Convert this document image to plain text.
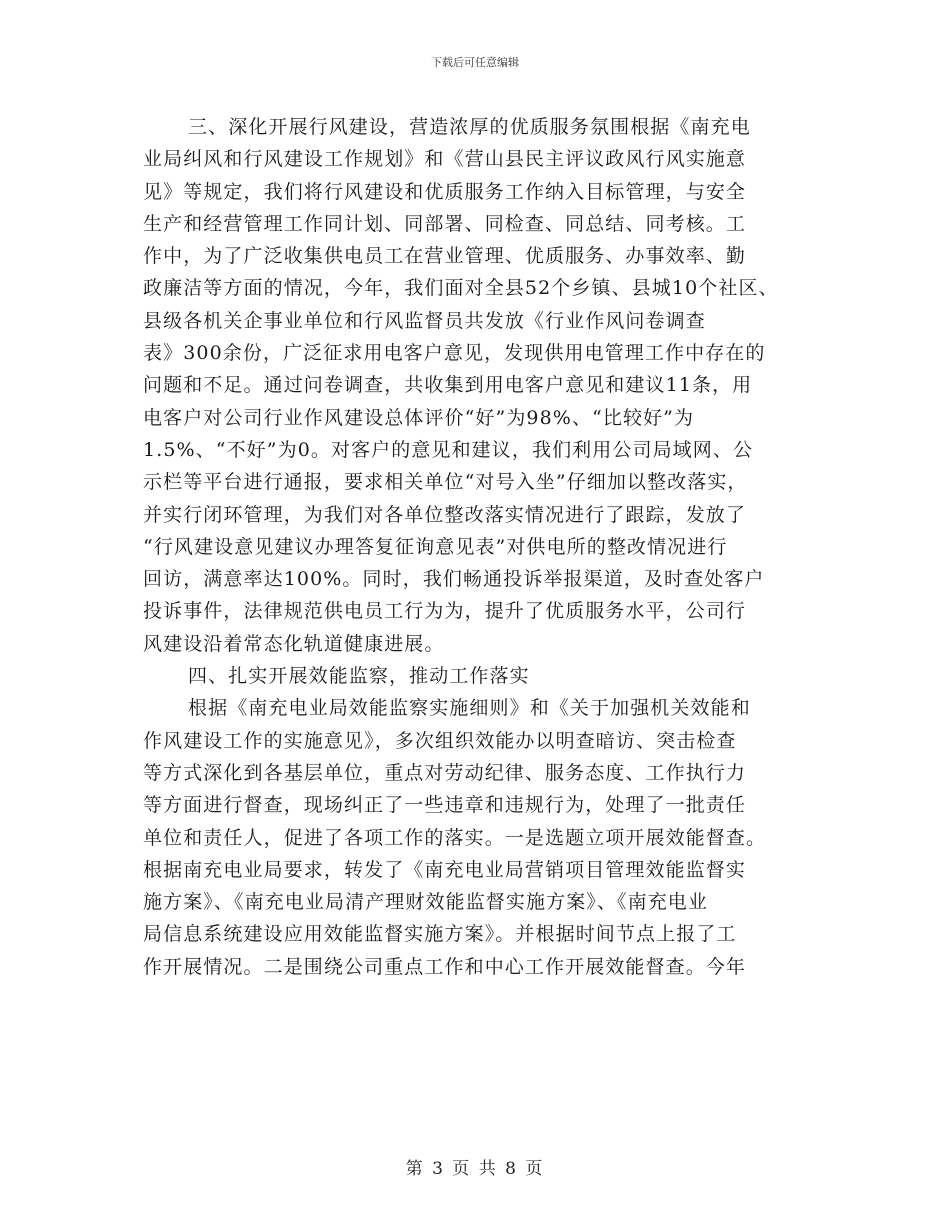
下载后可任意编辑
三、深化开展行风建设，营造浓厚的优质服务氛围根据《南充电
业局纠风和行风建设工作规划》和《营山县民主评议政风行风实施意
见》等规定，我们将行风建设和优质服务工作纳入目标管理，与安全
生产和经营管理工作同计划、同部署、同检查、同总结、同考核。工
作中，为了广泛收集供电员工在营业管理、优质服务、办事效率、勤
政廉洁等方面的情况，今年，我们面对全县52个乡镇、县城10个社区、
县级各机关企事业单位和行风监督员共发放《行业作风问卷调查
表》300余份，广泛征求用电客户意见，发现供用电管理工作中存在的
问题和不足。通过问卷调查，共收集到用电客户意见和建议11条，用
电客户对公司行业作风建设总体评价“好”为98%、“比较好”为
1.5%、“不好”为0。对客户的意见和建议，我们利用公司局域网、公
示栏等平台进行通报，要求相关单位“对号入坐”仔细加以整改落实，
并实行闭环管理，为我们对各单位整改落实情况进行了跟踪，发放了
“行风建设意见建议办理答复征询意见表”对供电所的整改情况进行
回访，满意率达100%。同时，我们畅通投诉举报渠道，及时查处客户
投诉事件，法律规范供电员工行为为，提升了优质服务水平，公司行
风建设沿着常态化轨道健康进展。
四、扎实开展效能监察，推动工作落实
根据《南充电业局效能监察实施细则》和《关于加强机关效能和
作风建设工作的实施意见》，多次组织效能办以明查暗访、突击检查
等方式深化到各基层单位，重点对劳动纪律、服务态度、工作执行力
等方面进行督查，现场纠正了一些违章和违规行为，处理了一批责任
单位和责任人，促进了各项工作的落实。一是选题立项开展效能督查。
根据南充电业局要求，转发了《南充电业局营销项目管理效能监督实
施方案》、《南充电业局清产理财效能监督实施方案》、《南充电业
局信息系统建设应用效能监督实施方案》。并根据时间节点上报了工
作开展情况。二是围绕公司重点工作和中心工作开展效能督查。今年
第 3 页 共 8 页
